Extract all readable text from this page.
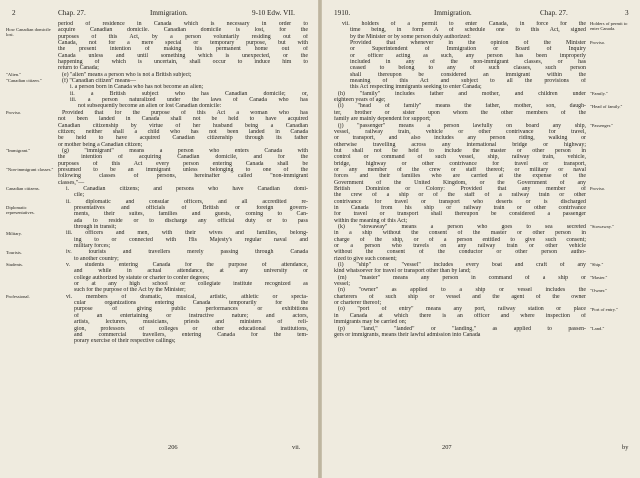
2	Chap. 27.	Immigration.	9-10 Edw. VII.
period of residence in Canada which is necessary in order to
acquire Canadian domicile. Canadian domicile is lost, for the
purposes of this Act, by a person voluntarily residing out of
Canada, not for a mere special or temporary purpose, but with
the present intention of making his permanent home out of
Canada unless and until something which is unexpected, or the
happening of which is uncertain, shall occur to induce him to
return to Canada;
(e) "alien" means a person who is not a British subject;
(f) "Canadian citizen" means—
i. a person born in Canada who has not become an alien;
ii. a British subject who has Canadian domicile; or,
iii. a person naturalized under the laws of Canada who has
not subsequently become an alien or lost Canadian domicile:
Provided that for the purpose of this Act a woman who has
not been landed in Canada shall not be held to have acquired
Canadian citizenship by virtue of her husband being a Canadian
citizen; neither shall a child who has not been landed in Canada
be held to have acquired Canadian citizenship through its father
or mother being a Canadian citizen;
(g) "immigrant" means a person who enters Canada with
the intention of acquiring Canadian domicile, and for the
purposes of this Act every person entering Canada shall be
presumed to be an immigrant unless belonging to one of the
following classes of persons, hereinafter called "non-immigrant
classes,"—
i. Canadian citizens; and persons who have Canadian domi-
cile;
ii. diplomatic and consular officers, and all accredited re-
presentatives and officials of British or foreign govern-
ments, their suites, families and guests, coming to Can-
ada to reside or to discharge any official duty or to pass
through in transit;
iii. officers and men, with their wives and families, belong-
ing to or connected with His Majesty's regular naval and
military forces;
iv. tourists and travellers merely passing through Canada
to another country;
v. students entering Canada for the purpose of attendance,
and while in actual attendance, at any university or
college authorized by statute or charter to confer degrees;
or at any high school or collegiate institute recognized as
such for the purpose of the Act by the Minister;
vi. members of dramatic, musical, artistic, athletic or specta-
cular organizations entering Canada temporarily for the
purpose of giving public performances or exhibitions
of an entertaining or instructive nature; and actors,
artists, lecturers, musicians, priests and ministers of reli-
gion, professors of colleges or other educational institutions,
and commercial travellers, entering Canada for the tem-
porary exercise of their respective callings;
How Canadian domicile lost.
"Alien."
"Canadian citizen."
Proviso.
"Immigrant."
"Non-immigrant classes."
Canadian citizens.
Diplomatic representatives.
Military.
Tourists.
Students.
Professional.
206	vii.
1910.	Immigration.	Chap. 27.	3
vii. holders of a permit to enter Canada, in force for the
time being, in form A of schedule one to this Act, signed
by the Minister or by some person duly authorized:
Provided that whenever in the opinion of the Minister
or Superintendent of Immigration or Board of Inquiry
or officer acting as such, any person has been improperly
included in any of the non-immigrant classes, or has
ceased to belong to any of such classes, such person
shall thereupon be considered an immigrant within the
meaning of this Act and subject to all the provisions of
this Act respecting immigrants seeking to enter Canada;
(h) "family" includes father and mother, and children under
eighteen years of age;
(i) "head of family" means the father, mother, son, daugh-
ter, brother or sister upon whom the other members of the
family are mainly dependent for support;
(j) "passenger" means a person lawfully on board any ship,
vessel, railway train, vehicle or other contrivance for travel,
or transport, and also includes any person riding, walking or
otherwise travelling across any international bridge or highway;
but shall not be held to include the master or other person in
control or command of such vessel, ship, railway train, vehicle,
bridge, highway or other contrivance for travel or transport,
or any member of the crew or staff thereof; or military or naval
forces and their families who are carried at the expense of the
Government of the United Kingdom, or the Government of any
British Dominion or Colony: Provided that any member of
the crew of a ship or of the staff of a railway train or other
contrivance for travel or transport who deserts or is discharged
in Canada from his ship or railway train or other contrivance
for travel or transport shall thereupon be considered a passenger
within the meaning of this Act;
(k) "stowaway" means a person who goes to sea secreted
in a ship without the consent of the master or other person in
charge of the ship, or of a person entitled to give such consent;
or a person who travels on any railway train or other vehicle
without the consent of the conductor or other person autho-
rized to give such consent;
(l) "ship" or "vessel" includes every boat and craft of any
kind whatsoever for travel or transport other than by land;
(m) "master" means any person in command of a ship or
vessel;
(n) "owner" as applied to a ship or vessel includes the
charterers of such ship or vessel and the agent of the owner
or charterer thereof;
(o) "port of entry" means any port, railway station or place
in Canada at which there is an officer and where inspection of
immigrants may be carried on;
(p) "land," "landed" or "landing," as applied to passen-
gers or immigrants, means their lawful admission into Canada
Holders of permit to enter Canada.
Proviso.
"Family."
"Head of family."
"Passenger."
Proviso.
"Stowaway."
"Ship."
"Master."
"Owner."
"Port of entry."
"Land."
207	by
